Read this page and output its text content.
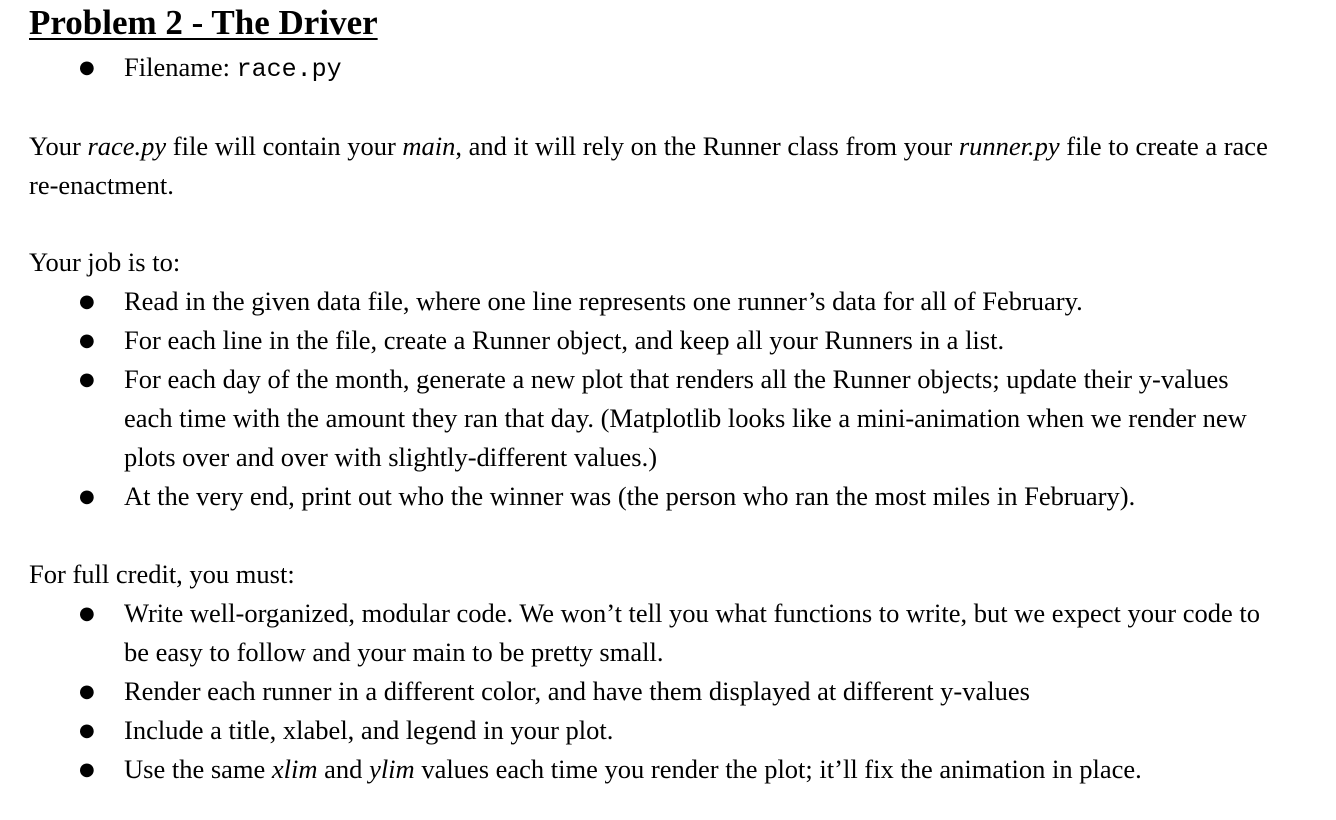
Problem 2 - The Driver
● Filename: race.py

Your race.py file will contain your main, and it will rely on the Runner class from your runner.py file to create a race re-enactment.

Your job is to:

● Read in the given data file, where one line represents one runner’s data for all of February.
● For each line in the file, create a Runner object, and keep all your Runners in a list.
● For each day of the month, generate a new plot that renders all the Runner objects; update their y-values each time with the amount they ran that day. (Matplotlib looks like a mini-animation when we render new plots over and over with slightly-different values.)
● At the very end, print out who the winner was (the person who ran the most miles in February).

For full credit, you must:

● Write well-organized, modular code. We won’t tell you what functions to write, but we expect your code to be easy to follow and your main to be pretty small.
● Render each runner in a different color, and have them displayed at different y-values
● Include a title, xlabel, and legend in your plot.
● Use the same xlim and ylim values each time you render the plot; it’ll fix the animation in place.
